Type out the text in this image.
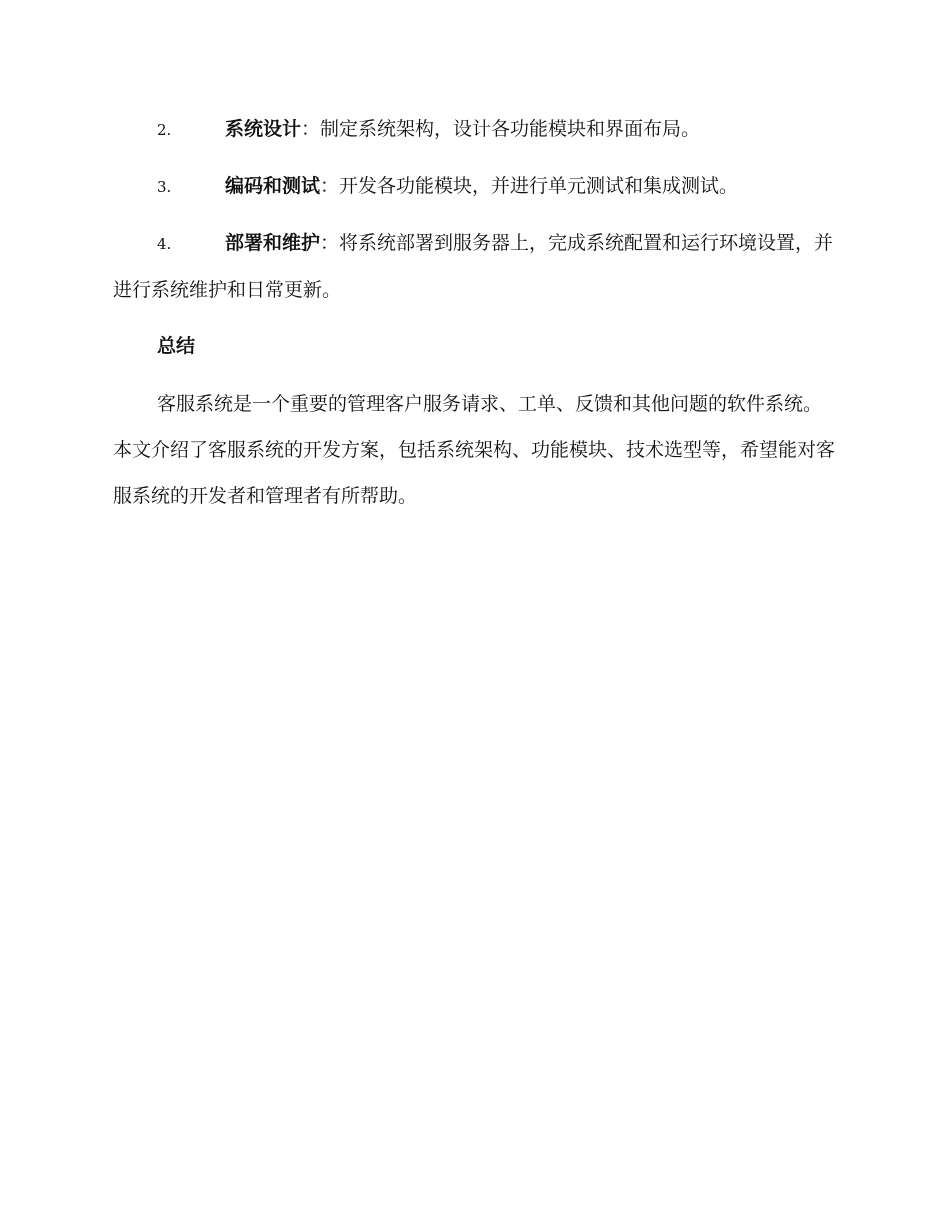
2.	系统设计：制定系统架构，设计各功能模块和界面布局。
3.	编码和测试：开发各功能模块，并进行单元测试和集成测试。
4.	部署和维护：将系统部署到服务器上，完成系统配置和运行环境设置，并进行系统维护和日常更新。
总结
客服系统是一个重要的管理客户服务请求、工单、反馈和其他问题的软件系统。本文介绍了客服系统的开发方案，包括系统架构、功能模块、技术选型等，希望能对客服系统的开发者和管理者有所帮助。
